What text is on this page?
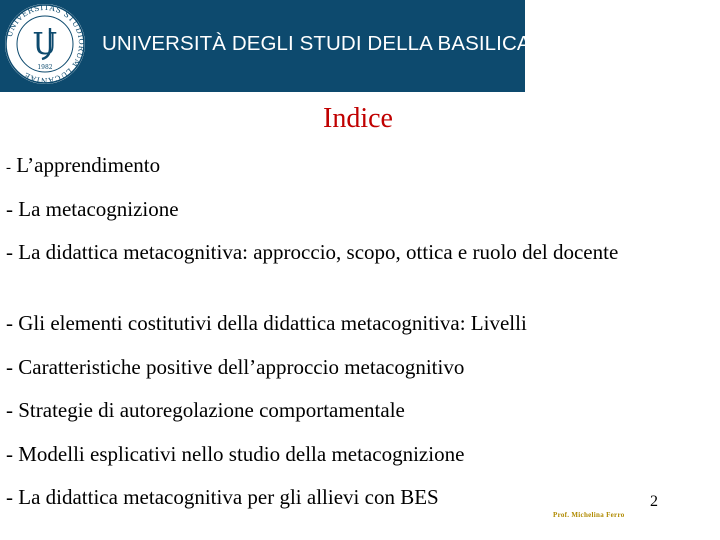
UNIVERSITAS STUDIORUM LUCANIAE
U
1982
UNIVERSITÀ DEGLI STUDI DELLA BASILICATA
Indice
- L’apprendimento
- La metacognizione
- La didattica metacognitiva: approccio, scopo, ottica e ruolo del docente
- Gli elementi costitutivi della didattica metacognitiva: Livelli
- Caratteristiche positive dell’approccio metacognitivo
- Strategie di autoregolazione comportamentale
- Modelli esplicativi nello studio della metacognizione
- La didattica metacognitiva per gli allievi con BES
Prof. Michelina Ferro
2
